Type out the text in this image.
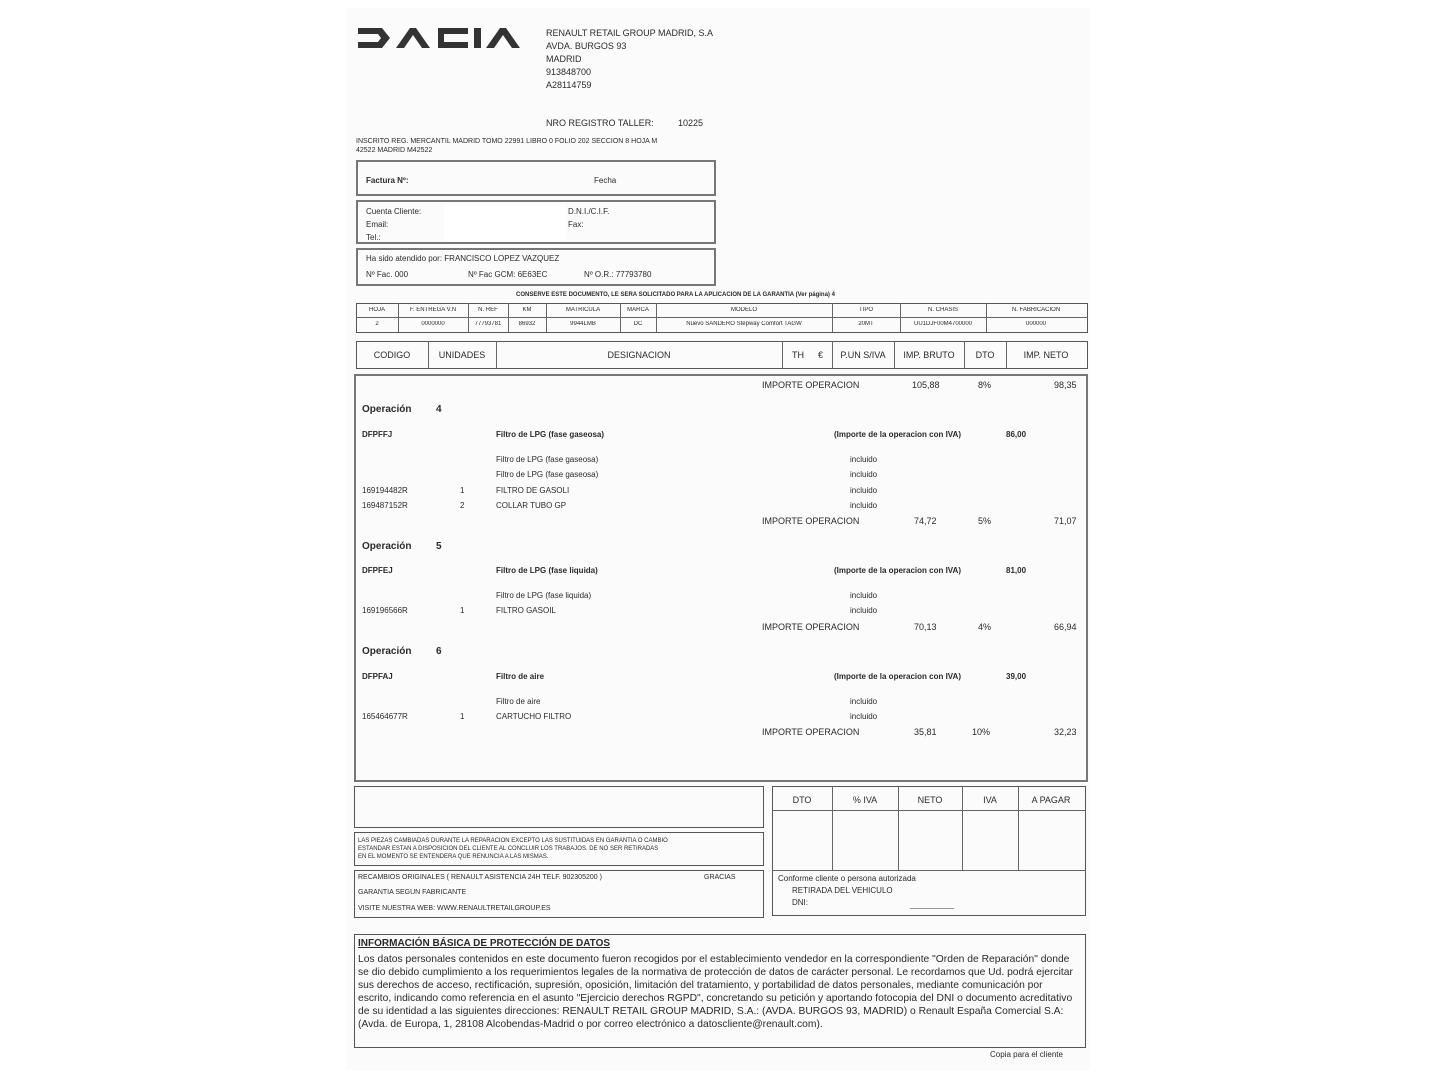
RENAULT RETAIL GROUP MADRID, S.A
AVDA. BURGOS 93
MADRID
913848700
A28114759
NRO REGISTRO TALLER:	10225
INSCRITO REG. MERCANTIL MADRID TOMO 22991 LIBRO 0 FOLIO 202 SECCION 8 HOJA M
42522 MADRID M42522
Factura Nº:	Fecha
Cuenta Cliente:
Email:
Tel.:
D.N.I./C.I.F.
Fax:
Ha sido atendido por: FRANCISCO LOPEZ VAZQUEZ
Nº Fac. 000	Nº Fac GCM: 6E63EC	Nº O.R.: 77793780
CONSERVE ESTE DOCUMENTO, LE SERA SOLICITADO PARA LA APLICACION DE LA GARANTIA (Ver página) 4
HOJA	F. ENTREGA V.N	N. REF	KM	MATRICULA	MARCA	MODELO	TIPO	N. CHASIS	N. FABRICACION
2	0000000	77793781	86932	9944LMB	DC	Nuevo SANDERO Stepway Comfort TAGW	20MT	UU1DJF00M4700000	000000
CODIGO	UNIDADES	DESIGNACION	TH €	P.UN S/IVA	IMP. BRUTO	DTO	IMP. NETO
IMPORTE OPERACION	105,88	8%	98,35
Operación 4
DFPFFJ	Filtro de LPG (fase gaseosa)	(Importe de la operacion con IVA)	86,00
Filtro de LPG (fase gaseosa)	incluido
Filtro de LPG (fase gaseosa)	incluido
169194482R	1	FILTRO DE GASOLI	incluido
169487152R	2	COLLAR TUBO GP	incluido
IMPORTE OPERACION	74,72	5%	71,07
Operación 5
DFPFEJ	Filtro de LPG (fase liquida)	(Importe de la operacion con IVA)	81,00
Filtro de LPG (fase liquida)	incluido
169196566R	1	FILTRO GASOIL	incluido
IMPORTE OPERACION	70,13	4%	66,94
Operación 6
DFPFAJ	Filtro de aire	(Importe de la operacion con IVA)	39,00
Filtro de aire	incluido
165464677R	1	CARTUCHO FILTRO	incluido
IMPORTE OPERACION	35,81	10%	32,23
LAS PIEZAS CAMBIADAS DURANTE LA REPARACION EXCEPTO LAS SUSTITUIDAS EN GARANTIA O CAMBIO
ESTANDAR ESTAN A DISPOSICION DEL CLIENTE AL CONCLUIR LOS TRABAJOS. DE NO SER RETIRADAS
EN EL MOMENTO SE ENTENDERA QUE RENUNCIA A LAS MISMAS.
RECAMBIOS ORIGINALES ( RENAULT ASISTENCIA 24H TELF. 902305200 )	GRACIAS
GARANTIA SEGUN FABRICANTE
VISITE NUESTRA WEB: WWW.RENAULTRETAILGROUP.ES
DTO	% IVA	NETO	IVA	A PAGAR
Conforme cliente o persona autorizada
RETIRADA DEL VEHICULO
DNI:
INFORMACIÓN BÁSICA DE PROTECCIÓN DE DATOS
Los datos personales contenidos en este documento fueron recogidos por el establecimiento vendedor en la correspondiente "Orden de Reparación" donde se dio debido cumplimiento a los requerimientos legales de la normativa de protección de datos de carácter personal. Le recordamos que Ud. podrá ejercitar sus derechos de acceso, rectificación, supresión, oposición, limitación del tratamiento, y portabilidad de datos personales, mediante comunicación por escrito, indicando como referencia en el asunto "Ejercicio derechos RGPD", concretando su petición y aportando fotocopia del DNI o documento acreditativo de su identidad a las siguientes direcciones: RENAULT RETAIL GROUP MADRID, S.A.: (AVDA. BURGOS 93, MADRID) o Renault España Comercial S.A: (Avda. de Europa, 1, 28108 Alcobendas-Madrid o por correo electrónico a datoscliente@renault.com).
Copia para el cliente
